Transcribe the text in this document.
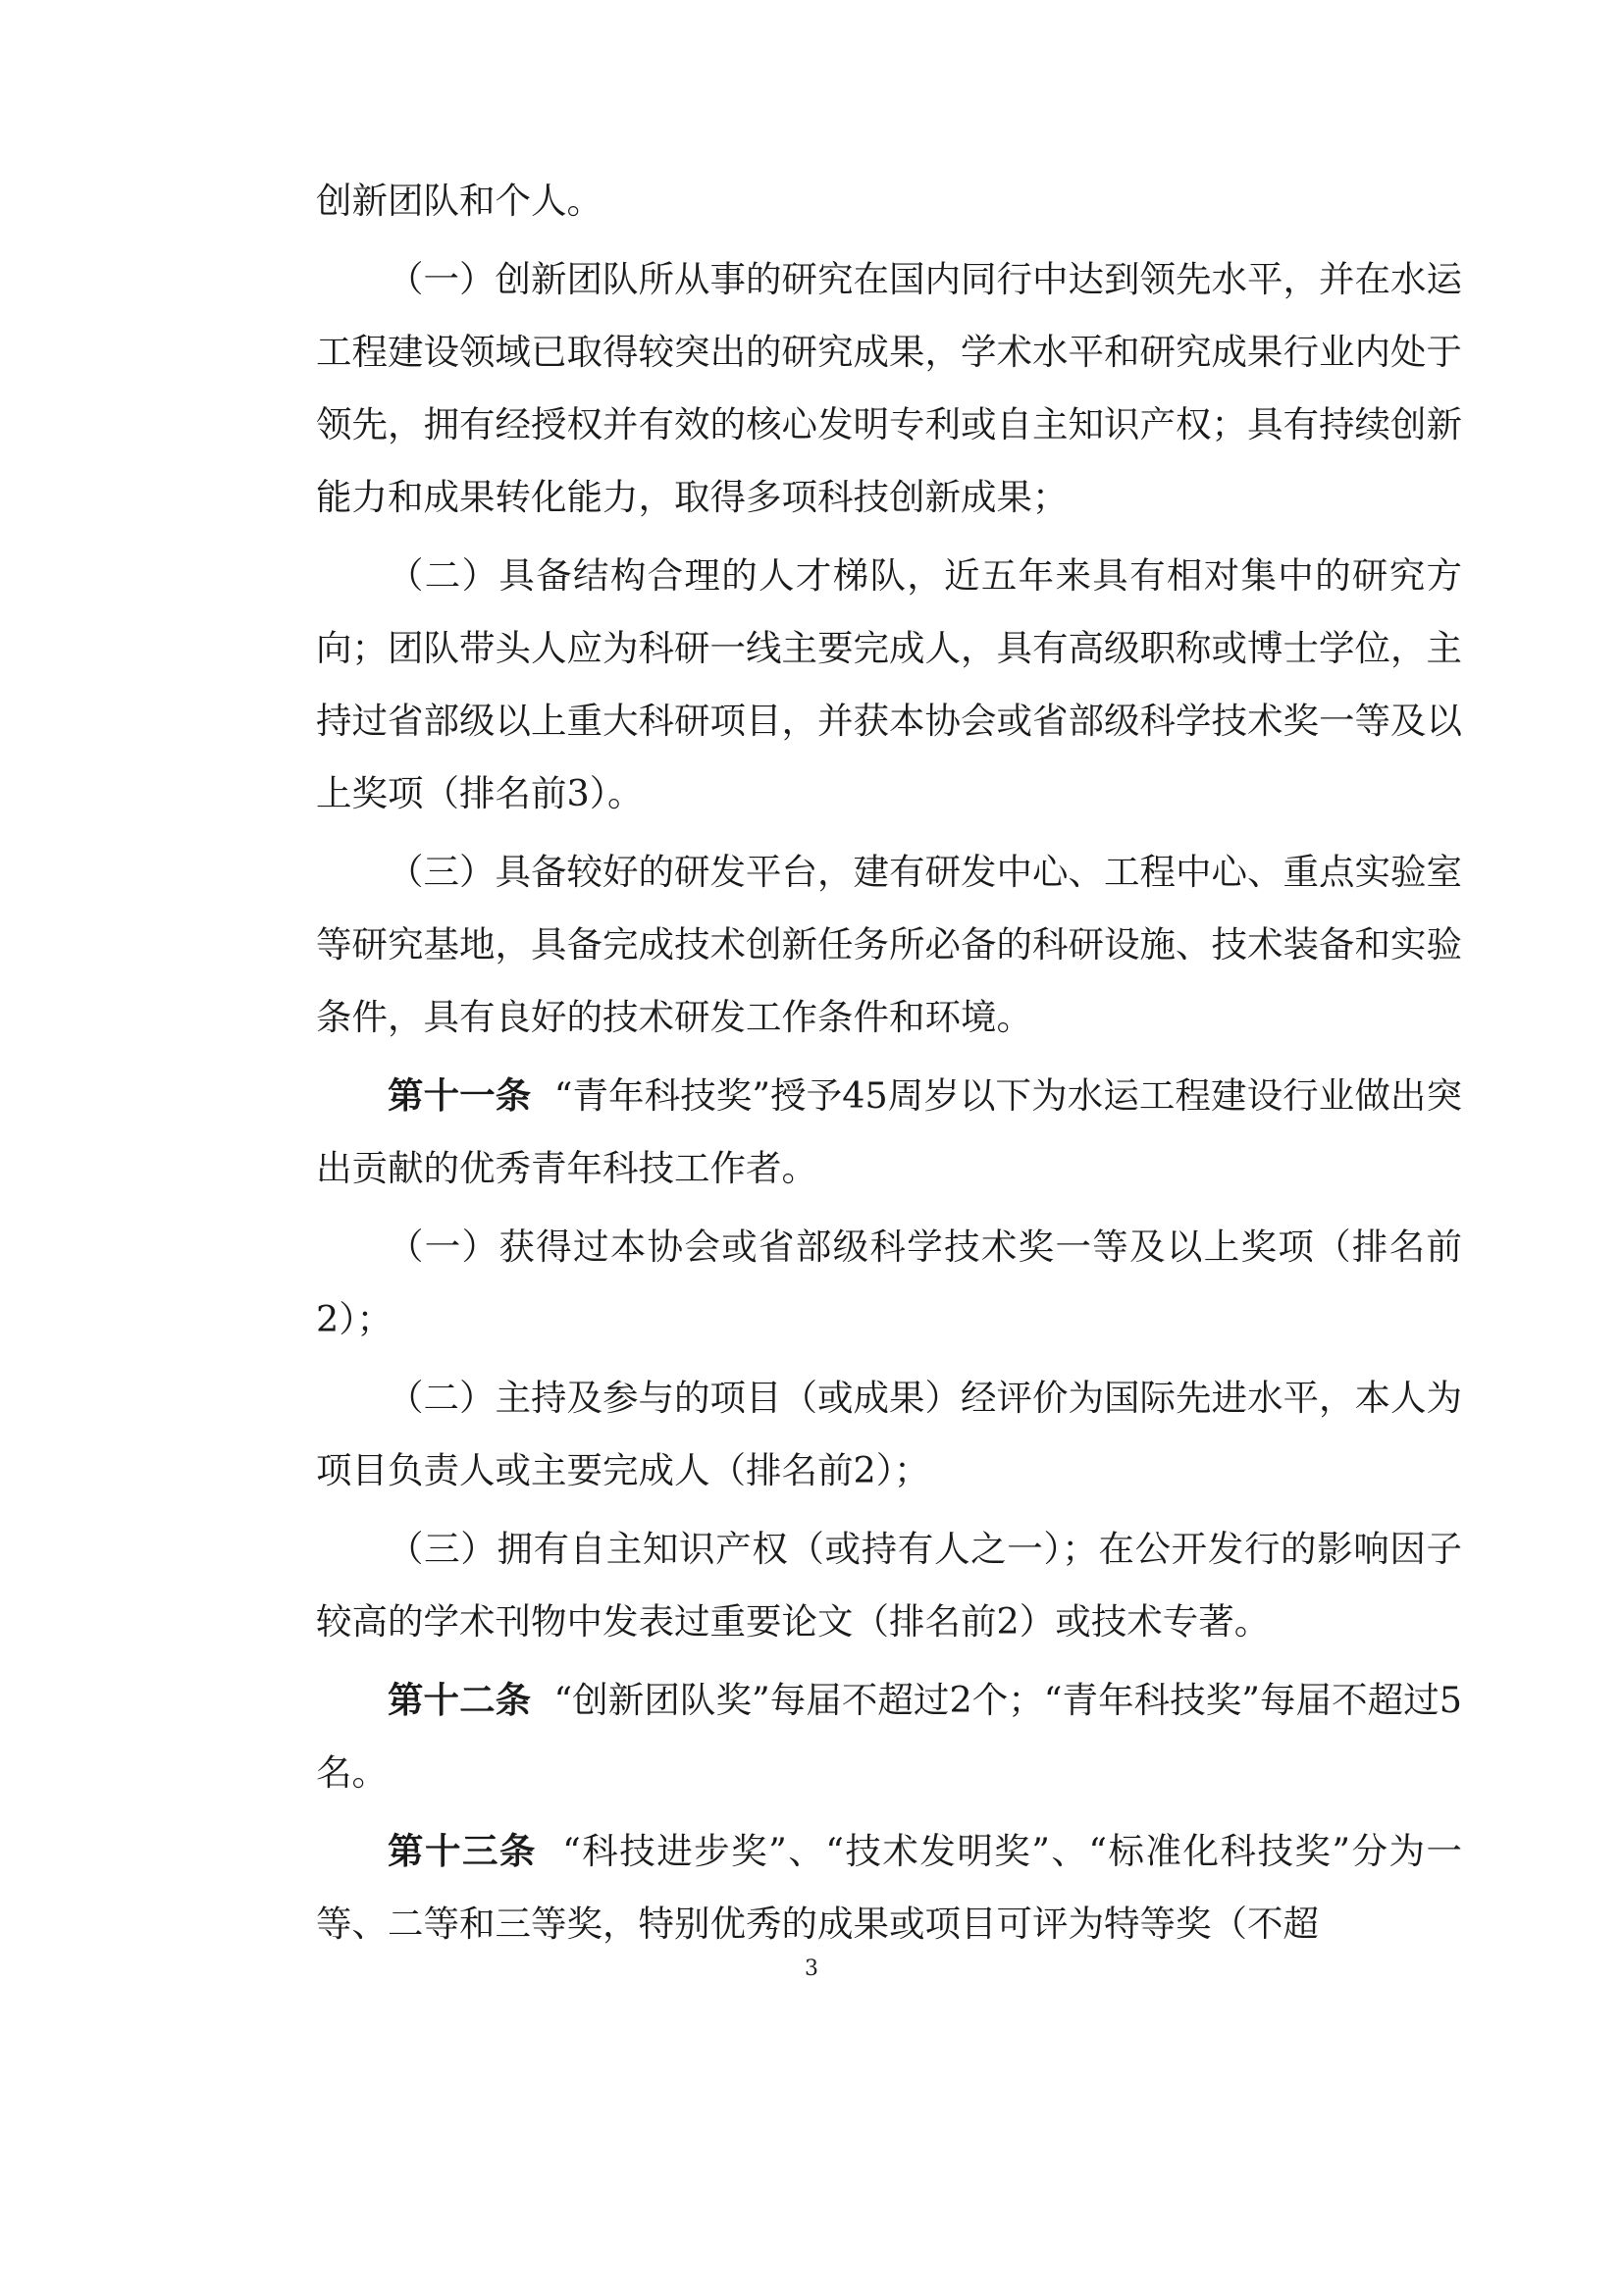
创新团队和个人。

（一）创新团队所从事的研究在国内同行中达到领先水平，并在水运工程建设领域已取得较突出的研究成果，学术水平和研究成果行业内处于领先，拥有经授权并有效的核心发明专利或自主知识产权；具有持续创新能力和成果转化能力，取得多项科技创新成果；

（二）具备结构合理的人才梯队，近五年来具有相对集中的研究方向；团队带头人应为科研一线主要完成人，具有高级职称或博士学位，主持过省部级以上重大科研项目，并获本协会或省部级科学技术奖一等及以上奖项（排名前3）。

（三）具备较好的研发平台，建有研发中心、工程中心、重点实验室等研究基地，具备完成技术创新任务所必备的科研设施、技术装备和实验条件，具有良好的技术研发工作条件和环境。

第十一条 “青年科技奖”授予45周岁以下为水运工程建设行业做出突出贡献的优秀青年科技工作者。

（一）获得过本协会或省部级科学技术奖一等及以上奖项（排名前2）；

（二）主持及参与的项目（或成果）经评价为国际先进水平，本人为项目负责人或主要完成人（排名前2）；

（三）拥有自主知识产权（或持有人之一）；在公开发行的影响因子较高的学术刊物中发表过重要论文（排名前2）或技术专著。

第十二条 “创新团队奖”每届不超过2个；“青年科技奖”每届不超过5名。

第十三条 “科技进步奖”、“技术发明奖”、“标准化科技奖”分为一等、二等和三等奖，特别优秀的成果或项目可评为特等奖（不超

3
